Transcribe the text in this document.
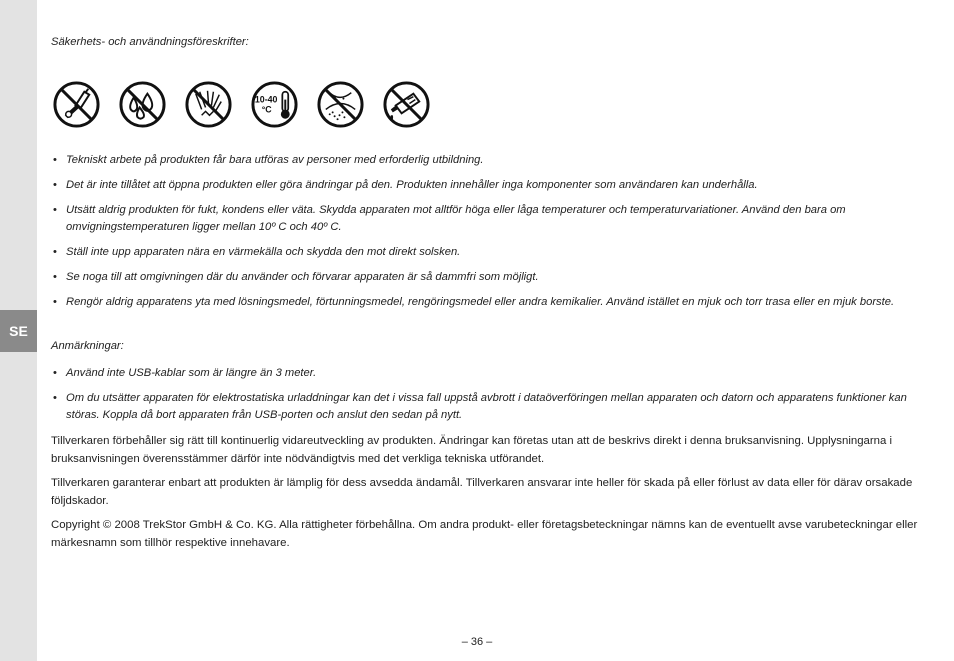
SE

Säkerhets- och användningsföreskrifter:

10-40
°C
• Tekniskt arbete på produkten får bara utföras av personer med erforderlig utbildning.
• Det är inte tillåtet att öppna produkten eller göra ändringar på den. Produkten innehåller inga komponenter som användaren kan underhålla.
• Utsätt aldrig produkten för fukt, kondens eller väta. Skydda apparaten mot alltför höga eller låga temperaturer och temperaturvariationer. Använd den bara om omvigningstemperaturen ligger mellan 10º C och 40º C.
• Ställ inte upp apparaten nära en värmekälla och skydda den mot direkt solsken.
• Se noga till att omgivningen där du använder och förvarar apparaten är så dammfri som möjligt.
• Rengör aldrig apparatens yta med lösningsmedel, förtunningsmedel, rengöringsmedel eller andra kemikalier. Använd istället en mjuk och torr trasa eller en mjuk borste.

Anmärkningar:

• Använd inte USB-kablar som är längre än 3 meter.
• Om du utsätter apparaten för elektrostatiska urladdningar kan det i vissa fall uppstå avbrott i dataöverföringen mellan apparaten och datorn och apparatens funktioner kan störas. Koppla då bort apparaten från USB-porten och anslut den sedan på nytt.

Tillverkaren förbehåller sig rätt till kontinuerlig vidareutveckling av produkten. Ändringar kan företas utan att de beskrivs direkt i denna bruksanvisning. Upplysningarna i bruksanvisningen överensstämmer därför inte nödvändigtvis med det verkliga tekniska utförandet.

Tillverkaren garanterar enbart att produkten är lämplig för dess avsedda ändamål. Tillverkaren ansvarar inte heller för skada på eller förlust av data eller för därav orsakade följdskador.

Copyright © 2008 TrekStor GmbH & Co. KG. Alla rättigheter förbehållna. Om andra produkt- eller företagsbeteckningar nämns kan de eventuellt avse varubeteckningar eller märkesnamn som tillhör respektive innehavare.

– 36 –
